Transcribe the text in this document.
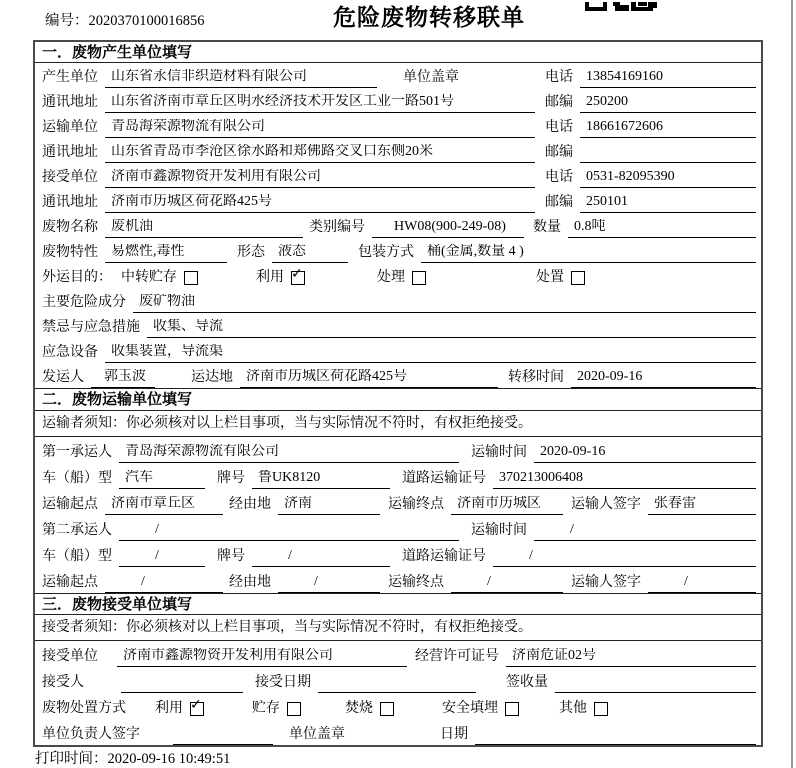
编号：2020370100016856	危险废物转移联单
一．废物产生单位填写
产生单位 山东省永信非织造材料有限公司	单位盖章	电话 13854169160
通讯地址 山东省济南市章丘区明水经济技术开发区工业一路501号	邮编 250200
运输单位 青岛海荣源物流有限公司	电话 18661672606
通讯地址 山东省青岛市李沧区徐水路和郑佛路交叉口东侧20米	邮编
接受单位 济南市鑫源物资开发利用有限公司	电话 0531-82095390
通讯地址 济南市历城区荷花路425号	邮编 250101
废物名称 废机油	类别编号	HW08(900-249-08)	数量 0.8吨
废物特性 易燃性,毒性	形态 液态	包装方式 桶(金属,数量 4 )
外运目的： 中转贮存	利用 ✓	处理	处置
主要危险成分 废矿物油
禁忌与应急措施 收集、导流
应急设备 收集装置，导流渠
发运人	郭玉波	运达地 济南市历城区荷花路425号	转移时间 2020-09-16
二．废物运输单位填写
运输者须知：你必须核对以上栏目事项，当与实际情况不符时，有权拒绝接受。
第一承运人 青岛海荣源物流有限公司	运输时间 2020-09-16
车（船）型 汽车	牌号 鲁UK8120	道路运输证号 370213006408
运输起点 济南市章丘区	经由地 济南	运输终点 济南市历城区	运输人签字 张春雷
第二承运人	/	运输时间	/
车（船）型	/	牌号	/	道路运输证号	/
运输起点	/	经由地	/	运输终点	/	运输人签字	/
三．废物接受单位填写
接受者须知：你必须核对以上栏目事项，当与实际情况不符时，有权拒绝接受。
接受单位	济南市鑫源物资开发利用有限公司	经营许可证号 济南危证02号
接受人	接受日期	签收量
废物处置方式 利用 ✓	贮存	焚烧	安全填埋	其他
单位负责人签字	单位盖章	日期
打印时间：2020-09-16 10:49:51
